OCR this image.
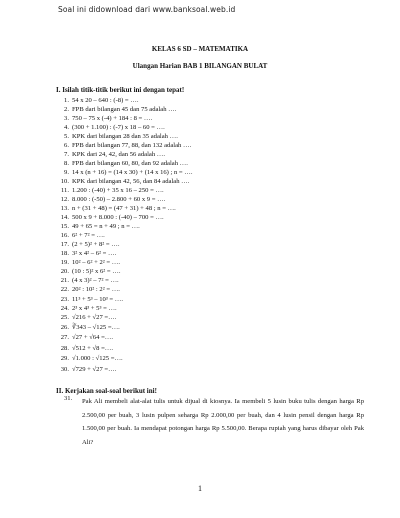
Soal ini didownload dari www.banksoal.web.id
KELAS 6 SD – MATEMATIKA
Ulangan Harian BAB 1 BILANGAN BULAT
I. Isilah titik-titik berikut ini dengan tepat!
1. 54 x 20 – 640 : (-8) = ….
2. FPB dari bilangan 45 dan 75 adalah ….
3. 750 – 75 x (-4) + 184 : 8 = ….
4. (300 + 1.100) : (-7) x 18 – 60 = ….
5. KPK dari bilangan 28 dan 35 adalah ….
6. FPB dari bilangan 77, 88, dan 132 adalah ….
7. KPK dari 24, 42, dan 56 adalah ….
8. FPB dari bilangan 60, 80, dan 92 adalah ….
9. 14 x (n + 16) = (14 x 30) + (14 x 16) ; n = ….
10. KPK dari bilangan 42, 56, dan 84 adalah ….
11. 1.200 : (-40) + 35 x 16 – 250 = ….
12. 8.000 : (-50) – 2.800 + 60 x 9 = ….
13. n + (31 + 48) = (47 + 31) + 48 ; n = ….
14. 500 x 9 + 8.000 : (-40) – 700 = ….
15. 49 + 65 = n + 49 ; n = ….
16. 6² + 7² = ….
17. (2 + 5)² + 8² = ….
18. 3² x 4² – 6² = ….
19. 10² – 6² + 2² = ….
20. (10 : 5)² x 6² = ….
21. (4 x 3)² – 7² = ….
22. 20² : 10² : 2² = ….
23. 11³ + 5³ – 10³ = ….
24. 2³ x 4³ + 5³ = ….
25. √216 + √27 =….
26. ∛343 – √125 =….
27. √27 + √64 =….
28. √512 + √8 =….
29. √1.000 : √125 =….
30. √729 + √27 =….
II. Kerjakan soal-soal berikut ini!
31. Pak Ali membeli alat-alat tulis untuk dijual di kiosnya. Ia membeli 5 lusin buku tulis dengan harga Rp 2.500,00 per buah, 3 lusin pulpen seharga Rp 2.000,00 per buah, dan 4 lusin pensil dengan harga Rp 1.500,00 per buah. Ia mendapat potongan harga Rp 5.500,00. Berapa rupiah yang harus dibayar oleh Pak Ali?
1
